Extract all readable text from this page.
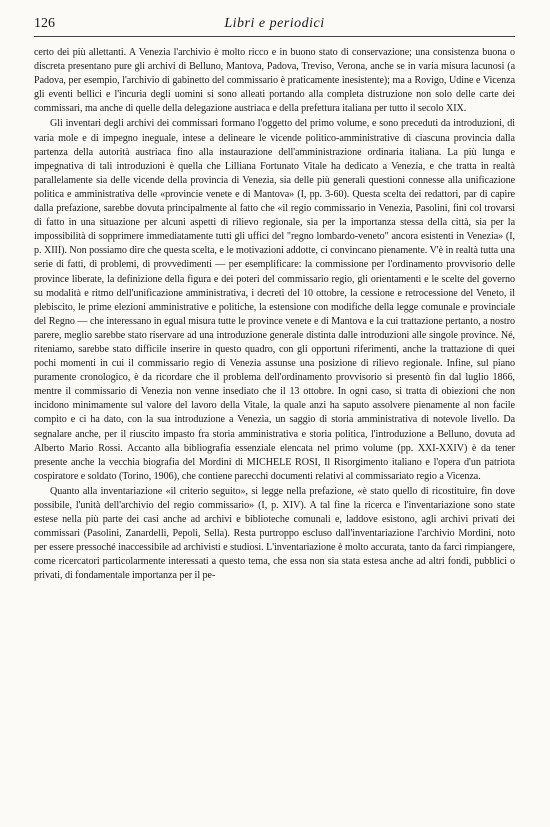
126	Libri e periodici

certo dei più allettanti. A Venezia l'archivio è molto ricco e in buono stato di conservazione; una consistenza buona o discreta presentano pure gli archivi di Belluno, Mantova, Padova, Treviso, Verona, anche se in varia misura lacunosi (a Padova, per esempio, l'archivio di gabinetto del commissario è praticamente inesistente); ma a Rovigo, Udine e Vicenza gli eventi bellici e l'incuria degli uomini si sono alleati portando alla completa distruzione non solo delle carte dei commissari, ma anche di quelle della delegazione austriaca e della prefettura italiana per tutto il secolo XIX.

Gli inventari degli archivi dei commissari formano l'oggetto del primo volume, e sono preceduti da introduzioni, di varia mole e di impegno ineguale, intese a delineare le vicende politico-amministrative di ciascuna provincia dalla partenza della autorità austriaca fino alla instaurazione dell'amministrazione ordinaria italiana. La più lunga e impegnativa di tali introduzioni è quella che Lilliana Fortunato Vitale ha dedicato a Venezia, e che tratta in realtà parallelamente sia delle vicende della provincia di Venezia, sia delle più generali questioni connesse alla unificazione politica e amministrativa delle «provincie venete e di Mantova» (I, pp. 3-60). Questa scelta dei redattori, par di capire dalla prefazione, sarebbe dovuta principalmente al fatto che «il regio commissario in Venezia, Pasolini, finì col trovarsi di fatto in una situazione per alcuni aspetti di rilievo regionale, sia per la importanza stessa della città, sia per la impossibilità di sopprimere immediatamente tutti gli uffici del "regno lombardo-veneto" ancora esistenti in Venezia» (I, p. XIII). Non possiamo dire che questa scelta, e le motivazioni addotte, ci convincano pienamente. V'è in realtà tutta una serie di fatti, di problemi, di provvedimenti — per esemplificare: la commissione per l'ordinamento provvisorio delle province liberate, la definizione della figura e dei poteri del commissario regio, gli orientamenti e le scelte del governo su modalità e ritmo dell'unificazione amministrativa, i decreti del 10 ottobre, la cessione e retrocessione del Veneto, il plebiscito, le prime elezioni amministrative e politiche, la estensione con modifiche della legge comunale e provinciale del Regno — che interessano in egual misura tutte le province venete e di Mantova e la cui trattazione pertanto, a nostro parere, meglio sarebbe stato riservare ad una introduzione generale distinta dalle introduzioni alle singole province. Né, riteniamo, sarebbe stato difficile inserire in questo quadro, con gli opportuni riferimenti, anche la trattazione di quei pochi momenti in cui il commissario regio di Venezia assunse una posizione di rilievo regionale. Infine, sul piano puramente cronologico, è da ricordare che il problema dell'ordinamento provvisorio si presentò fin dal luglio 1866, mentre il commissario di Venezia non venne insediato che il 13 ottobre. In ogni caso, si tratta di obiezioni che non incidono minimamente sul valore del lavoro della Vitale, la quale anzi ha saputo assolvere pienamente al non facile compito e ci ha dato, con la sua introduzione a Venezia, un saggio di storia amministrativa di notevole livello. Da segnalare anche, per il riuscito impasto fra storia amministrativa e storia politica, l'introduzione a Belluno, dovuta ad Alberto Mario Rossi. Accanto alla bibliografia essenziale elencata nel primo volume (pp. XXI-XXIV) è da tener presente anche la vecchia biografia del Mordini di MICHELE ROSI, Il Risorgimento italiano e l'opera d'un patriota cospiratore e soldato (Torino, 1906), che contiene parecchi documenti relativi al commissariato regio a Vicenza.

Quanto alla inventariazione «il criterio seguito», si legge nella prefazione, «è stato quello di ricostituire, fin dove possibile, l'unità dell'archivio del regio commissario» (I, p. XIV). A tal fine la ricerca e l'inventariazione sono state estese nella più parte dei casi anche ad archivi e biblioteche comunali e, laddove esistono, agli archivi privati dei commissari (Pasolini, Zanardelli, Pepoli, Sella). Resta purtroppo escluso dall'inventariazione l'archivio Mordini, noto per essere pressoché inaccessibile ad archivisti e studiosi. L'inventariazione è molto accurata, tanto da farci rimpiangere, come ricercatori particolarmente interessati a questo tema, che essa non sia stata estesa anche ad altri fondi, pubblici o privati, di fondamentale importanza per il pe-
